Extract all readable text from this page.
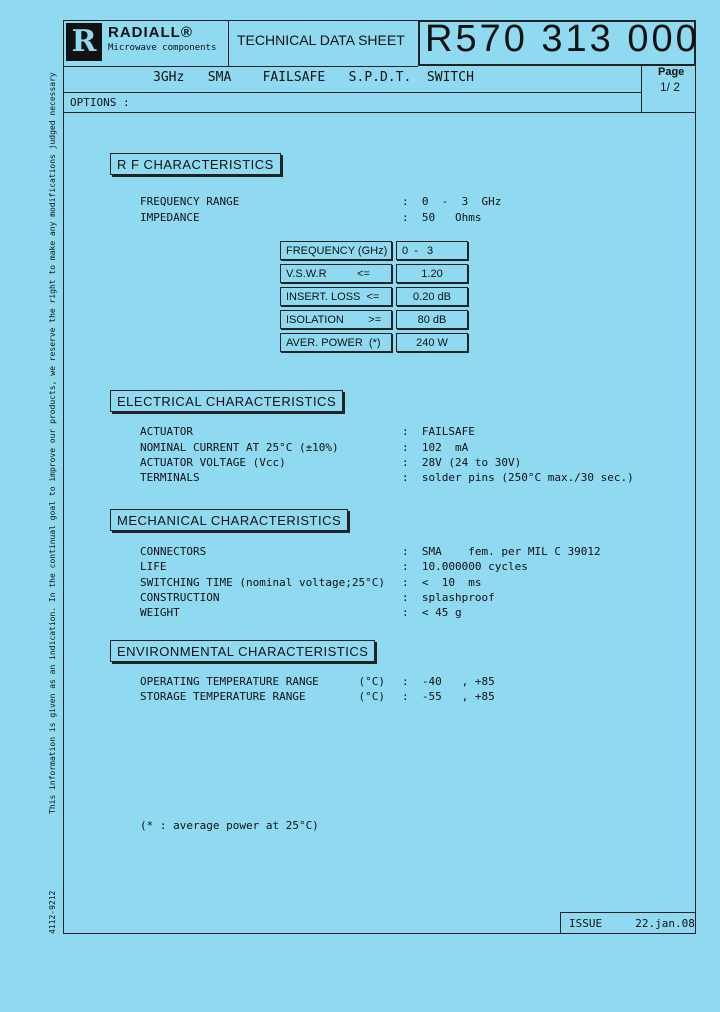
R RADIALL®
Microwave components TECHNICAL DATA SHEET R570 313 000
3GHz   SMA    FAILSAFE   S.P.D.T.  SWITCH	Page
1/ 2
OPTIONS :
R F CHARACTERISTICS
FREQUENCY RANGE	:  0  -  3  GHz
IMPEDANCE	:  50   Ohms
FREQUENCY (GHz)	0  -   3
V.S.W.R          <=	1.20
INSERT. LOSS  <=	0.20 dB
ISOLATION        >=	80 dB
AVER. POWER  (*)	240 W
ELECTRICAL CHARACTERISTICS
ACTUATOR	:  FAILSAFE
NOMINAL CURRENT AT 25°C (±10%)	:  102  mA
ACTUATOR VOLTAGE (Vcc)	:  28V (24 to 30V)
TERMINALS	:  solder pins (250°C max./30 sec.)
MECHANICAL CHARACTERISTICS
CONNECTORS	:  SMA    fem. per MIL C 39012
LIFE	:  10.000000 cycles
SWITCHING TIME (nominal voltage;25°C) :  <  10  ms
CONSTRUCTION	:  splashproof
WEIGHT	:  < 45 g
ENVIRONMENTAL CHARACTERISTICS
OPERATING TEMPERATURE RANGE      (°C) :  -40   , +85
STORAGE TEMPERATURE RANGE        (°C) :  -55   , +85
(* : average power at 25°C)
This information is given as an indication. In the continual goal to improve our products, we reserve the right to make any modifications judged necessary
4112-9212	ISSUE	22.jan.08
